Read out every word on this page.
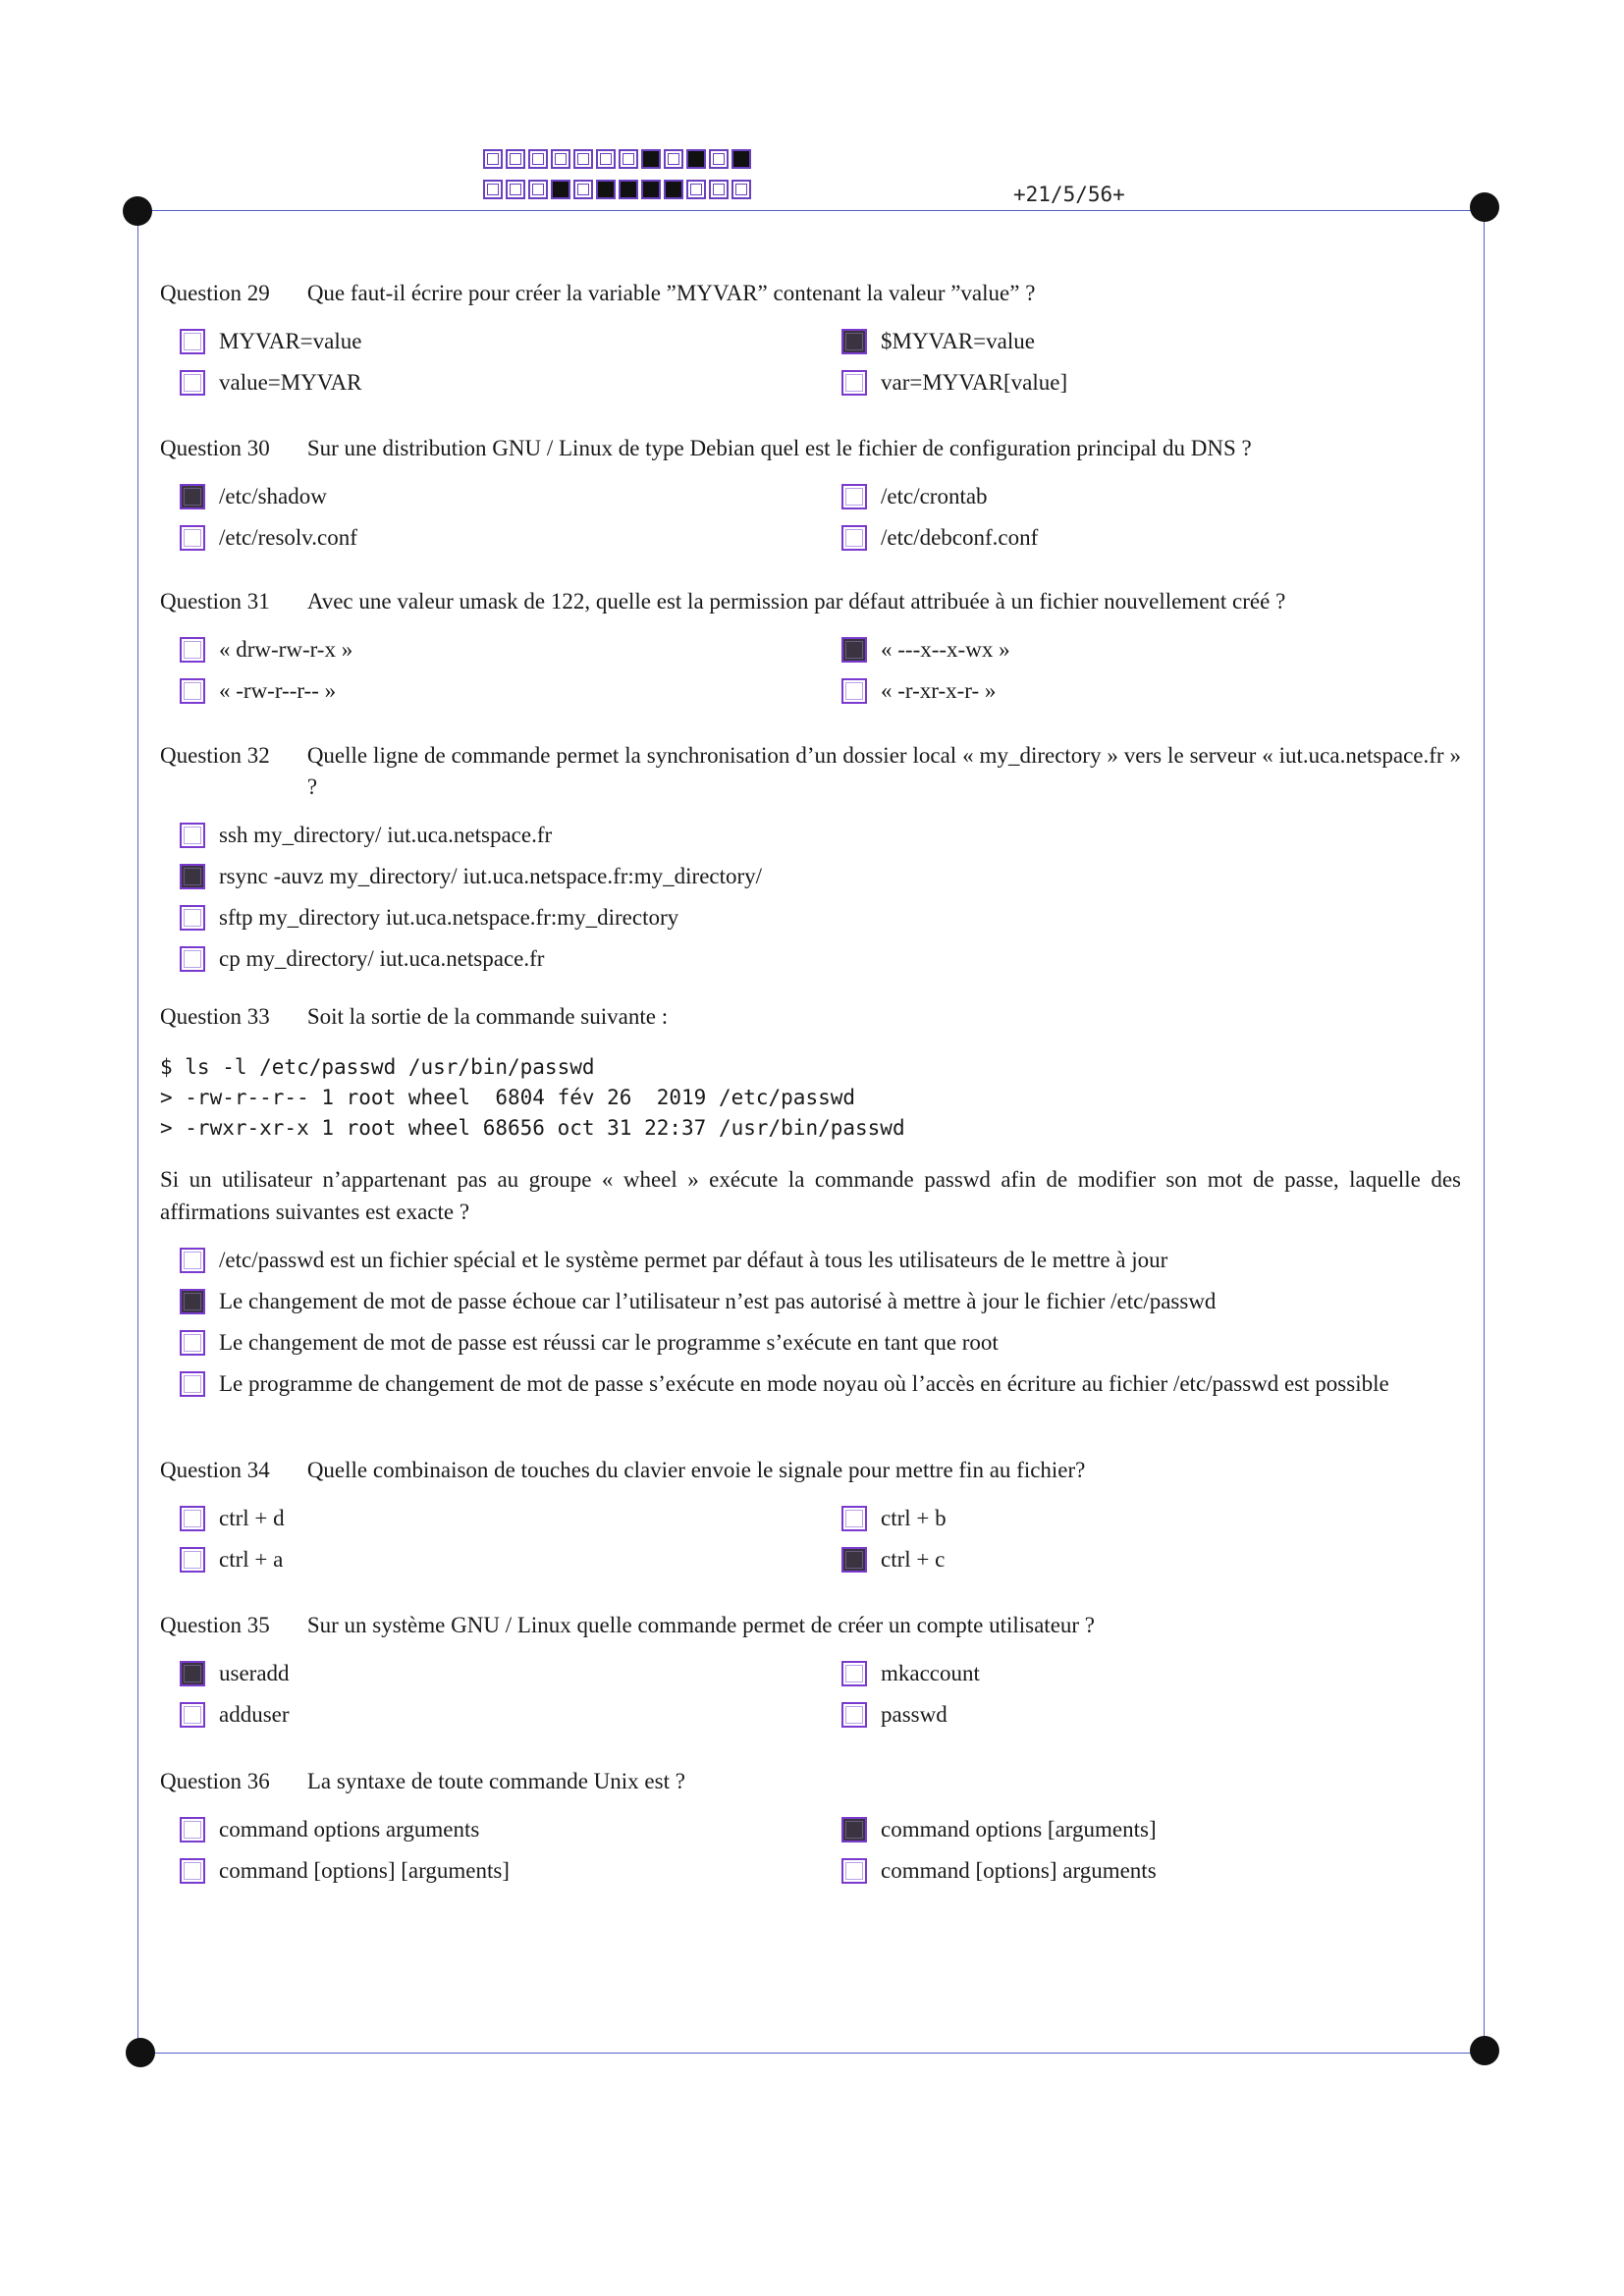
+21/5/56+
Question 29 Que faut-il écrire pour créer la variable ”MYVAR” contenant la valeur ”value” ?
MYVAR=value	$MYVAR=value
value=MYVAR	var=MYVAR[value]
Question 30 Sur une distribution GNU / Linux de type Debian quel est le fichier de configuration principal du DNS ?
/etc/shadow	/etc/crontab
/etc/resolv.conf	/etc/debconf.conf
Question 31 Avec une valeur umask de 122, quelle est la permission par défaut attribuée à un fichier nouvellement créé ?
« drw-rw-r-x »	« ---x--x-wx »
« -rw-r--r-- »	« -r-xr-x-r- »
Question 32 Quelle ligne de commande permet la synchronisation d’un dossier local « my_directory » vers le serveur « iut.uca.netspace.fr » ?
ssh my_directory/ iut.uca.netspace.fr
rsync -auvz my_directory/ iut.uca.netspace.fr:my_directory/
sftp my_directory iut.uca.netspace.fr:my_directory
cp my_directory/ iut.uca.netspace.fr
Question 33 Soit la sortie de la commande suivante :
$ ls -l /etc/passwd /usr/bin/passwd
> -rw-r--r-- 1 root wheel  6804 fév 26  2019 /etc/passwd
> -rwxr-xr-x 1 root wheel 68656 oct 31 22:37 /usr/bin/passwd
Si un utilisateur n’appartenant pas au groupe « wheel » exécute la commande passwd afin de modifier son mot de passe, laquelle des affirmations suivantes est exacte ?
/etc/passwd est un fichier spécial et le système permet par défaut à tous les utilisateurs de le mettre à jour
Le changement de mot de passe échoue car l’utilisateur n’est pas autorisé à mettre à jour le fichier /etc/passwd
Le changement de mot de passe est réussi car le programme s’exécute en tant que root
Le programme de changement de mot de passe s’exécute en mode noyau où l’accès en écriture au fichier /etc/passwd est possible
Question 34 Quelle combinaison de touches du clavier envoie le signale pour mettre fin au fichier?
ctrl + d	ctrl + b
ctrl + a	ctrl + c
Question 35 Sur un système GNU / Linux quelle commande permet de créer un compte utilisateur ?
useradd	mkaccount
adduser	passwd
Question 36 La syntaxe de toute commande Unix est ?
command options arguments	command options [arguments]
command [options] [arguments]	command [options] arguments
